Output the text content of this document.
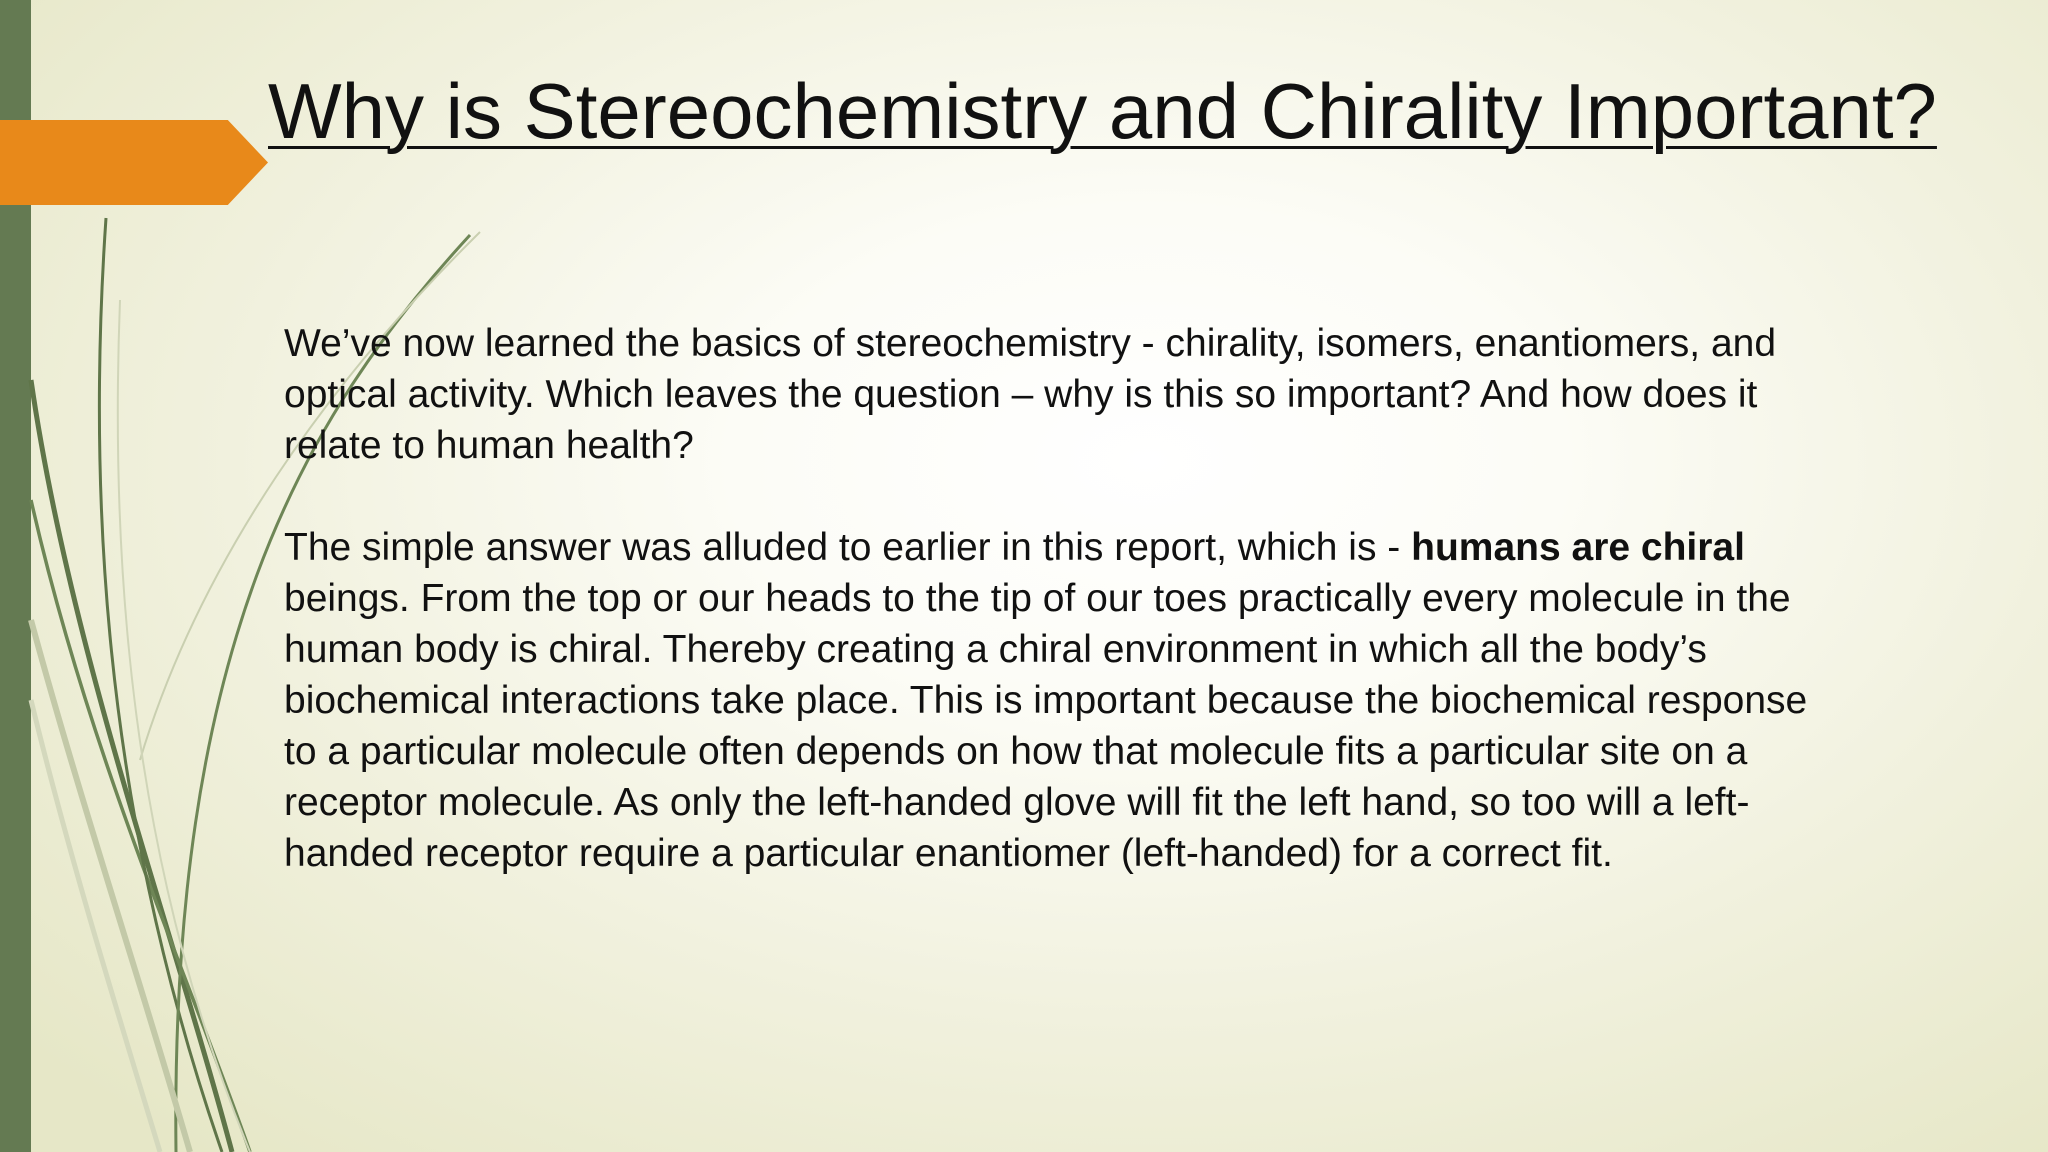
Why is Stereochemistry and Chirality Important?

We’ve now learned the basics of stereochemistry - chirality, isomers, enantiomers, and
optical activity. Which leaves the question – why is this so important? And how does it
relate to human health?

The simple answer was alluded to earlier in this report, which is - humans are chiral
beings. From the top or our heads to the tip of our toes practically every molecule in the
human body is chiral. Thereby creating a chiral environment in which all the body’s
biochemical interactions take place. This is important because the biochemical response
to a particular molecule often depends on how that molecule fits a particular site on a
receptor molecule. As only the left-handed glove will fit the left hand, so too will a left-
handed receptor require a particular enantiomer (left-handed) for a correct fit.
